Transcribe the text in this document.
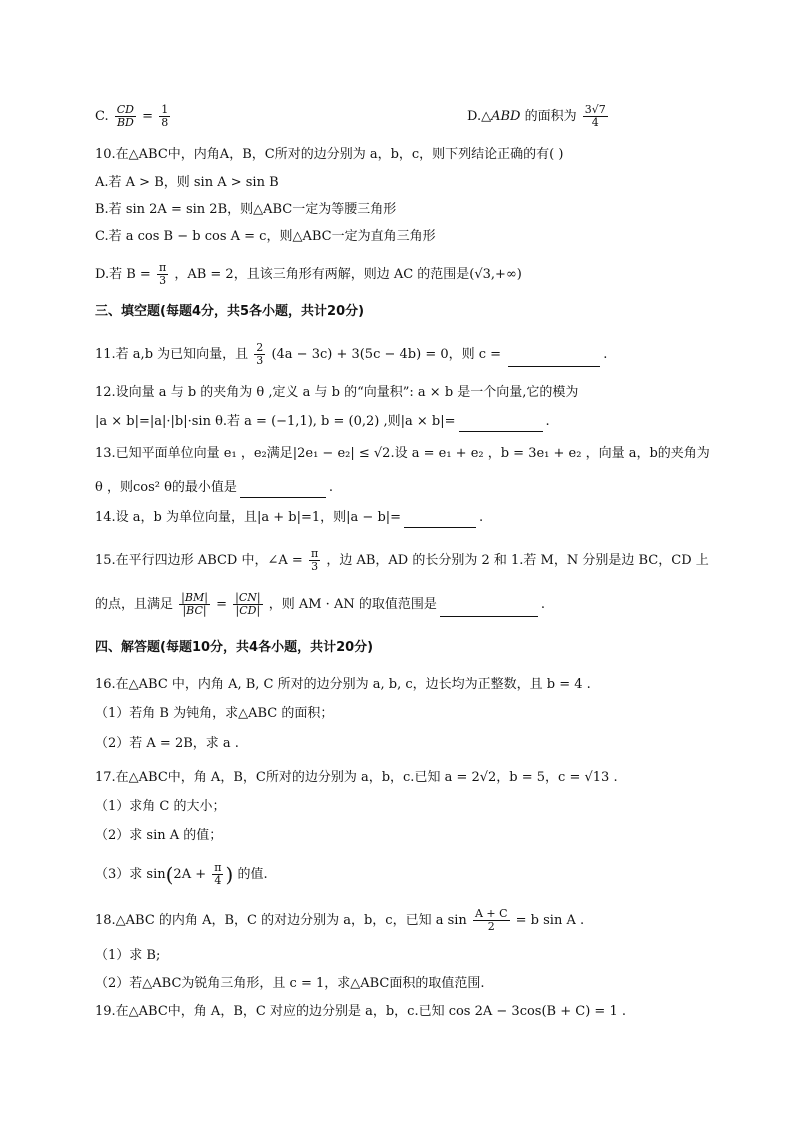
C. $\frac{CD}{BD} = \frac{1}{8}$	D.△ABD 的面积为 $\frac{3√7}{4}$
10.在△ABC中，内角A，B，C所对的边分别为 a，b，c，则下列结论正确的有( )
A.若 A > B，则 sin A > sin B
B.若 sin 2A = sin 2B，则△ABC一定为等腰三角形
C.若 a cos B − b cos A = c，则△ABC一定为直角三角形
D.若 $B = \frac{\pi}{3}$ ，AB = 2，且该三角形有两解，则边 AC 的范围是(√3,+∞)
三、填空题(每题4分，共5各小题，共计20分)
11.若 a,b 为已知向量，且 $\frac{2}{3} (4a - 3c) + 3(5c - 4b) = 0$，则 c =	.
12.设向量 a 与 b 的夹角为 θ ,定义 a 与 b 的“向量积”: a × b 是一个向量,它的模为
|a × b|=|a|·|b|·sin θ.若 a = (−1,1), b = (0,2) ,则|a × b|=	.
13.已知平面单位向量 e₁ ，e₂满足|2e₁ − e₂| ≤ √2.设 a = e₁ + e₂ ，b = 3e₁ + e₂ ，向量 a，b的夹角为
θ ，则cos² θ的最小值是	.
14.设 a，b 为单位向量，且|a + b|=1，则|a − b|=	.
15.在平行四边形 ABCD 中，∠A = $\frac{\pi}{3}$ ，边 AB，AD 的长分别为 2 和 1.若 M，N 分别是边 BC，CD 上
的点，且满足 $\frac{|BM|}{|BC|} = \frac{|CN|}{|CD|}$ ，则 AM · AN 的取值范围是	.
四、解答题(每题10分，共4各小题，共计20分)
16.在△ABC 中，内角 A, B, C 所对的边分别为 a, b, c，边长均为正整数，且 b = 4 .
（1）若角 B 为钝角，求△ABC 的面积；
（2）若 A = 2B，求 a .
17.在△ABC中，角 A，B，C所对的边分别为 a，b，c.已知 a = 2√2，b = 5，c = √13 .
（1）求角 C 的大小；
（2）求 sin A 的值；
（3）求 $\sin(2A + \frac{\pi}{4}$ ) 的值.
18.△ABC 的内角 A，B，C 的对边分别为 a，b，c，已知 a $\sin \frac{A + C}{2} = b$ sin A .
（1）求 B;
（2）若△ABC为锐角三角形，且 c = 1，求△ABC面积的取值范围.
19.在△ABC中，角 A，B，C 对应的边分别是 a，b，c.已知 cos 2A − 3cos(B + C) = 1 .
